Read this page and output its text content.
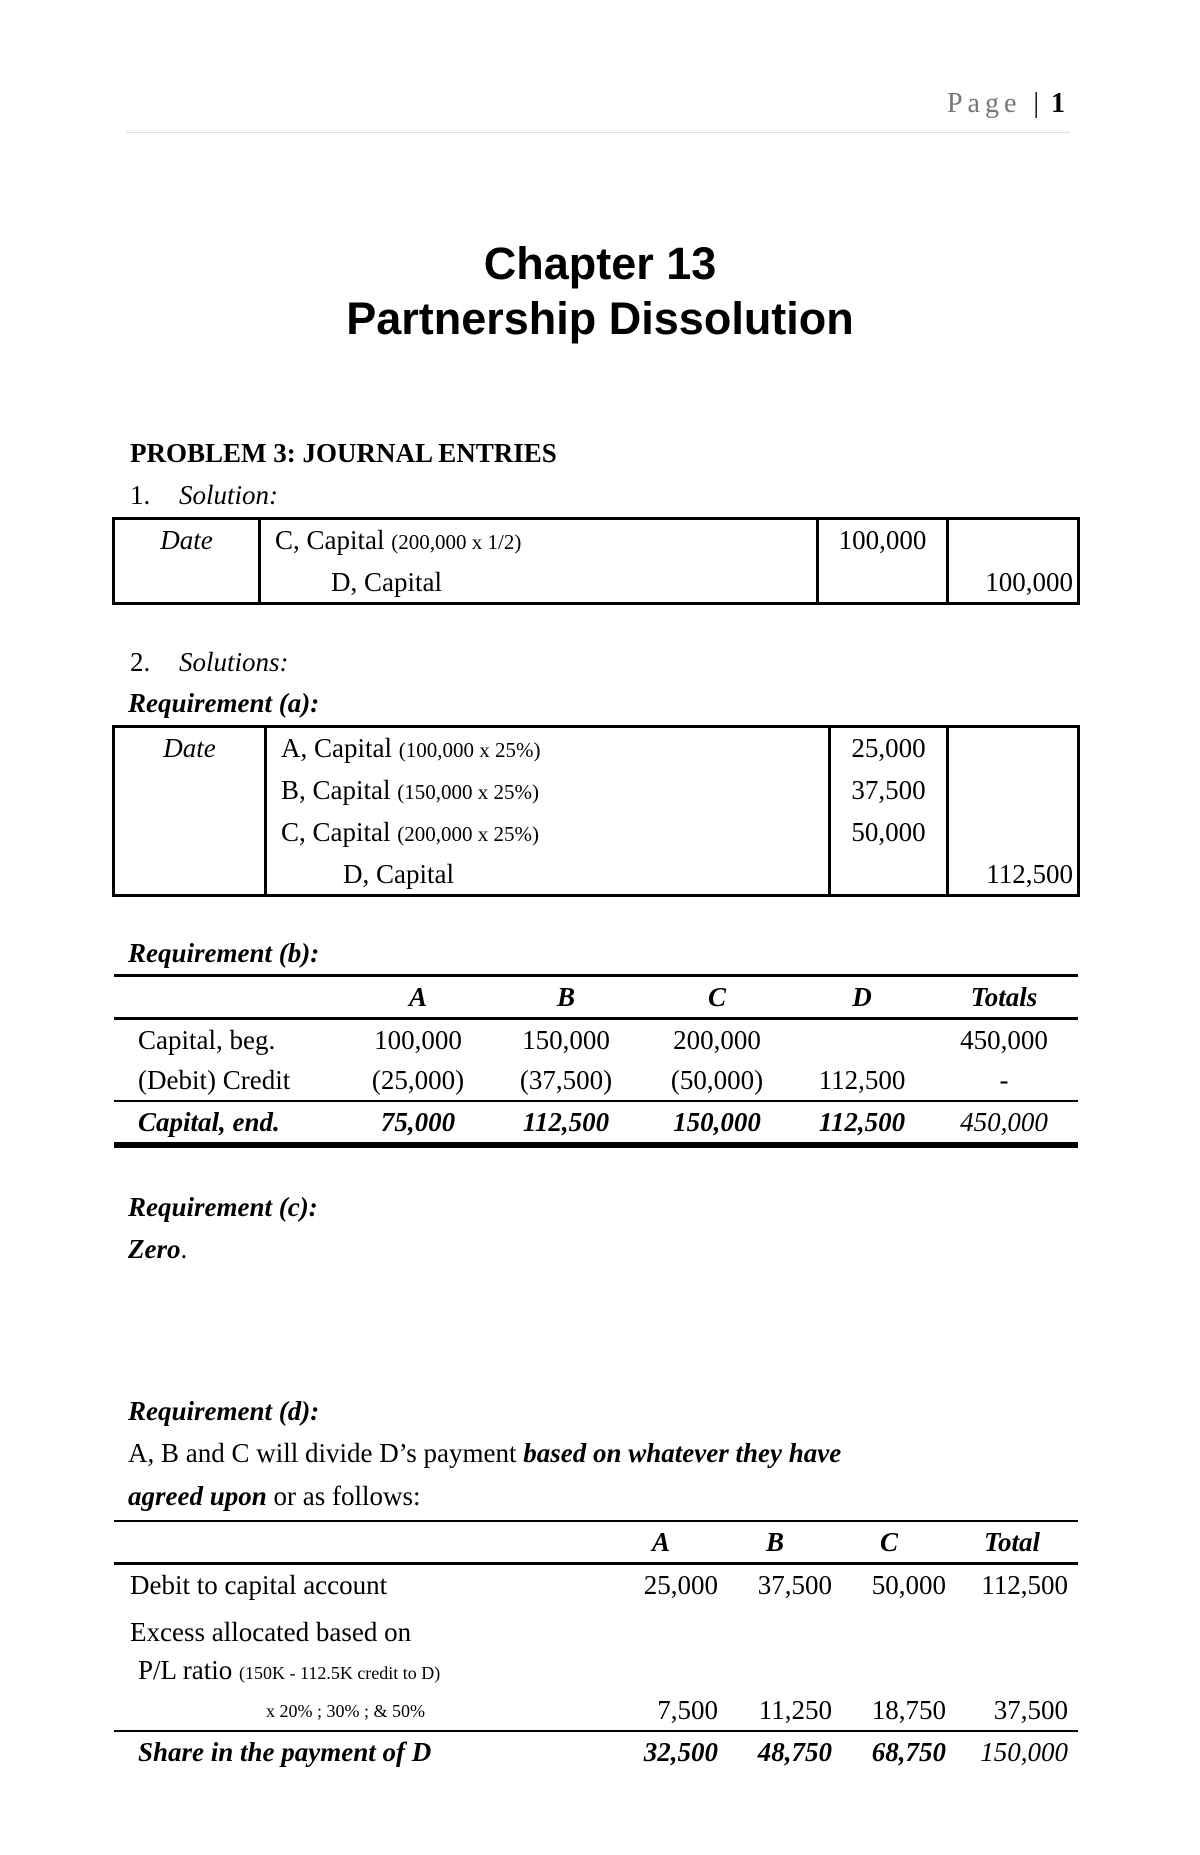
Page | 1
Chapter 13
Partnership Dissolution
PROBLEM 3: JOURNAL ENTRIES
1. Solution:
Date	C, Capital (200,000 x 1/2)	100,000	
	D, Capital		100,000
2. Solutions:
Requirement (a):
Date	A, Capital (100,000 x 25%)	25,000	
	B, Capital (150,000 x 25%)	37,500	
	C, Capital (200,000 x 25%)	50,000	
	D, Capital		112,500
Requirement (b):
	A	B	C	D	Totals
Capital, beg.	100,000	150,000	200,000		450,000
(Debit) Credit	(25,000)	(37,500)	(50,000)	112,500	-
Capital, end.	75,000	112,500	150,000	112,500	450,000
Requirement (c):
Zero.
Requirement (d):
A, B and C will divide D’s payment based on whatever they have
agreed upon or as follows:
	A	B	C	Total
Debit to capital account	25,000	37,500	50,000	112,500

Excess allocated based on
P/L ratio (150K - 112.5K credit to D)
x 20% ; 30% ; & 50%	7,500	11,250	18,750	37,500
Share in the payment of D	32,500	48,750	68,750	150,000
